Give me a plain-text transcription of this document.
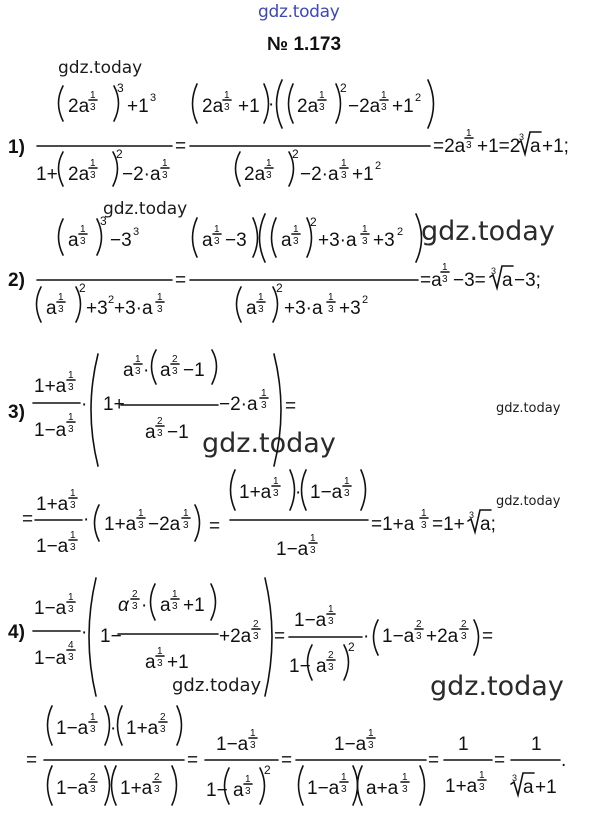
gdz.today
№ 1.173
gdz.today
gdz.today
gdz.today
gdz.today
gdz.today
gdz.today
gdz.today	gdz.today
1)
2)
3)
4)
2a
1
3
3
+1 3
1+ 2a
1
3
2
−2·a
1
3
=
2a
1
3 +1 · 2a
1
3
2
−2a
1
3 +1 2
2a
1
3
2
−2·a
1
3 +1 2
=2a
1
3 +1=2
3 a +1;
a
1
3
3
−3 3
a
1
3
2
+3 2 +3·a
1
3
=
a
1
3 −3 a
1
3
2
+3·a
1
3 +3 2
a
1
3
2
+3·a
1
3 +3 2
=a
1
3 −3= 3 a −3;
1+a
1
3
1−a
1
3
· 1+
a
1
3 · a
2
3 −1
a
2
3 −1
−2·a
1
3 =
=
1+a
1
3
1−a
1
3
· 1+a
1
3 −2a
1
3 =
1+a
1
3 · 1−a
1
3
1−a
1
3
=1+a
1
3 =1+ 3 a;
1−a
1
3
1−a
4
3
· 1−
α
2
3 · a
1
3 +1
a
1
3 +1
+2a
2
3 =
1−a
1
3
1− a
2
3
2 · 1−a
2
3 +2a
2
3 =
=
1−a
1
3 · 1+a
2
3
1−a
2
3 1+a
2
3
=
1−a
1
3
1− a
1
3
2 =
1−a
1
3
1−a
1
3 a+a
1
3
=
1
1+a
1
3
=
1
3 a +1
.
